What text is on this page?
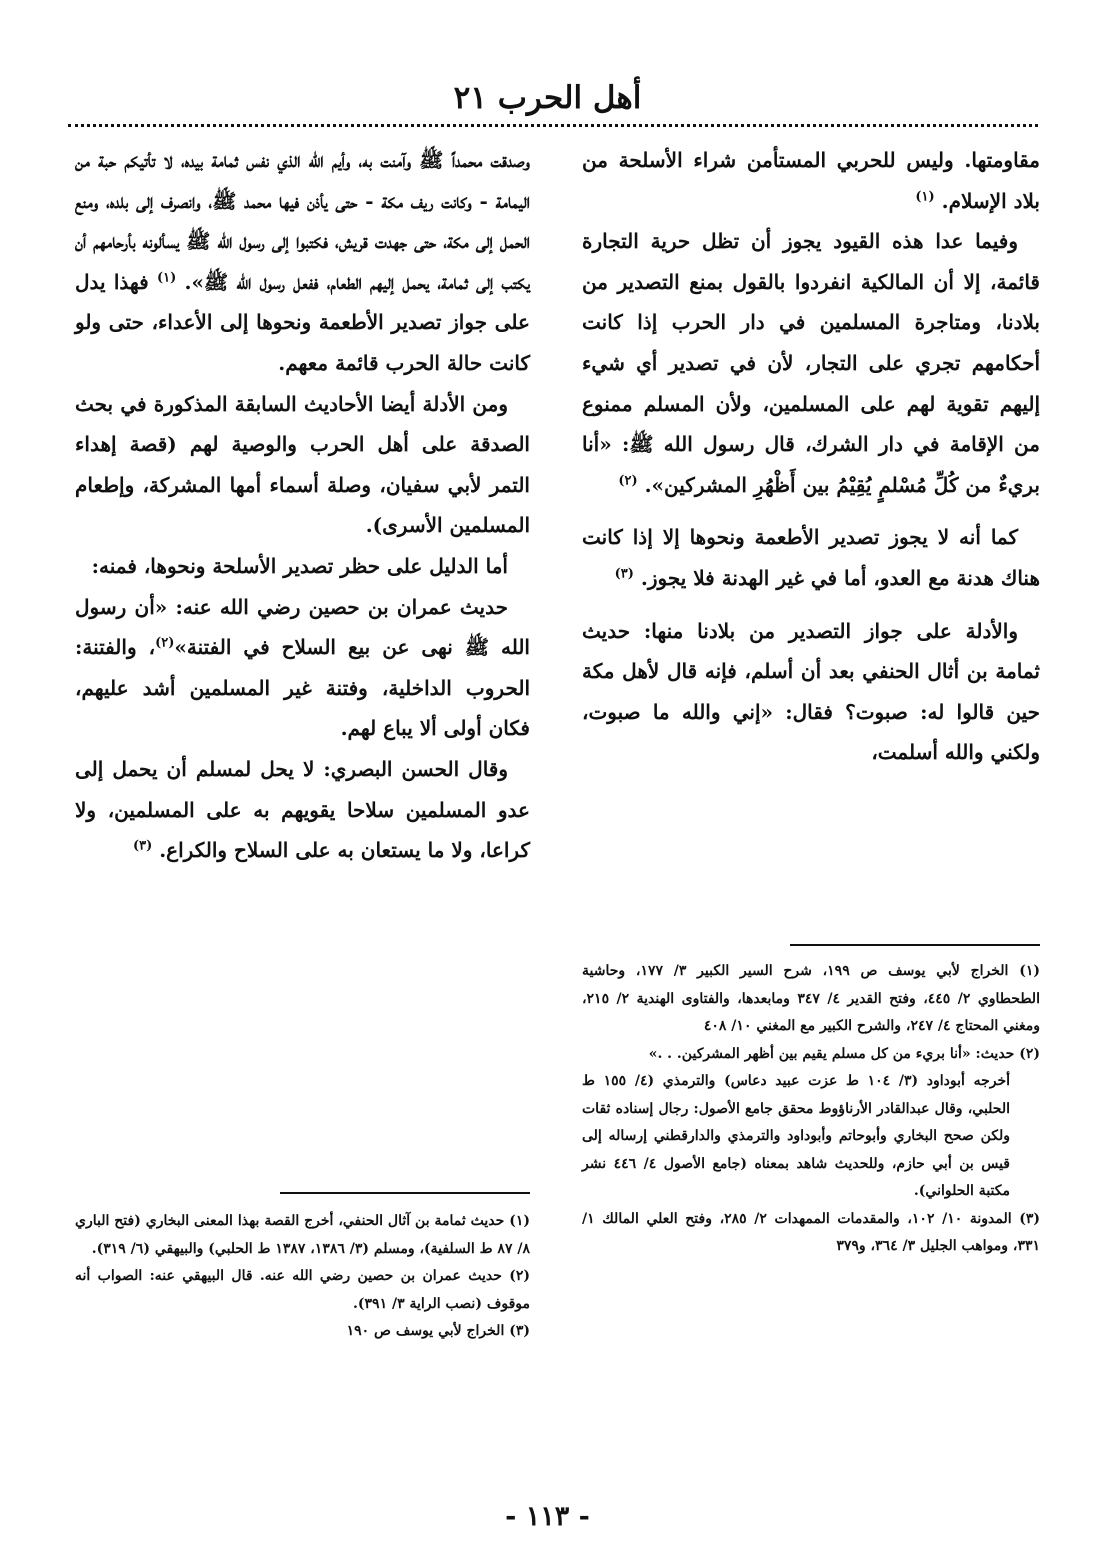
أهل الحرب ٢١

مقاومتها. وليس للحربي المستأمن شراء الأسلحة من بلاد الإسلام. $^{(١)}$

وفيما عدا هذه القيود يجوز أن تظل حرية التجارة قائمة، إلا أن المالكية انفردوا بالقول بمنع التصدير من بلادنا، ومتاجرة المسلمين في دار الحرب إذا كانت أحكامهم تجري على التجار، لأن في تصدير أي شيء إليهم تقوية لهم على المسلمين، ولأن المسلم ممنوع من الإقامة في دار الشرك، قال رسول الله ﷺ: «أنا بريءٌ من كُلِّ مُسْلمٍ يُقِيْمُ بين أَظْهُرِ المشركين». $^{(٢)}$

كما أنه لا يجوز تصدير الأطعمة ونحوها إلا إذا كانت هناك هدنة مع العدو، أما في غير الهدنة فلا يجوز. $^{(٣)}$

والأدلة على جواز التصدير من بلادنا منها: حديث ثمامة بن أثال الحنفي بعد أن أسلم، فإنه قال لأهل مكة حين قالوا له: صبوت؟ فقال: «إني والله ما صبوت، ولكني والله أسلمت،

(١) الخراج لأبي يوسف ص ١٩٩، شرح السير الكبير ٣/ ١٧٧، وحاشية الطحطاوي ٢/ ٤٤٥، وفتح القدير ٤/ ٣٤٧ ومابعدها، والفتاوى الهندية ٢/ ٢١٥، ومغني المحتاج ٤/ ٢٤٧، والشرح الكبير مع المغني ١٠/ ٤٠٨

(٢) حديث: «أنا بريء من كل مسلم يقيم بين أظهر المشركين. . .»

أخرجه أبوداود (٣/ ١٠٤ ط عزت عبيد دعاس) والترمذي (٤/ ١٥٥ ط الحلبي، وقال عبدالقادر الأرناؤوط محقق جامع الأصول: رجال إسناده ثقات ولكن صحح البخاري وأبوحاتم وأبوداود والترمذي والدارقطني إرساله إلى قيس بن أبي حازم، وللحديث شاهد بمعناه (جامع الأصول ٤/ ٤٤٦ نشر مكتبة الحلواني).

(٣) المدونة ١٠/ ١٠٢، والمقدمات الممهدات ٢/ ٢٨٥، وفتح العلي المالك ١/ ٣٣١، ومواهب الجليل ٣/ ٣٦٤، و٣٧٩

وصدقت محمداً ﷺ وآمنت به، وأيم الله الذي نفس ثمامة بيده، لا تأتيكم حبة من اليمامة - وكانت ريف مكة - حتى يأذن فيها محمد ﷺ، وانصرف إلى بلده، ومنع الحمل إلى مكة، حتى جهدت قريش، فكتبوا إلى رسول الله ﷺ يسألونه بأرحامهم أن يكتب إلى ثمامة، يحمل إليهم الطعام، ففعل رسول الله ﷺ». $^{(١)}$ فهذا يدل على جواز تصدير الأطعمة ونحوها إلى الأعداء، حتى ولو كانت حالة الحرب قائمة معهم.

ومن الأدلة أيضا الأحاديث السابقة المذكورة في بحث الصدقة على أهل الحرب والوصية لهم (قصة إهداء التمر لأبي سفيان، وصلة أسماء أمها المشركة، وإطعام المسلمين الأسرى).

أما الدليل على حظر تصدير الأسلحة ونحوها، فمنه:

حديث عمران بن حصين رضي الله عنه: «أن رسول الله ﷺ نهى عن بيع السلاح في الفتنة»$^{(٢)}$، والفتنة: الحروب الداخلية، وفتنة غير المسلمين أشد عليهم، فكان أولى ألا يباع لهم.

وقال الحسن البصري: لا يحل لمسلم أن يحمل إلى عدو المسلمين سلاحا يقويهم به على المسلمين، ولا كراعا، ولا ما يستعان به على السلاح والكراع. $^{(٣)}$

(١) حديث ثمامة بن آثال الحنفي، أخرج القصة بهذا المعنى البخاري (فتح الباري ٨/ ٨٧ ط السلفية)، ومسلم (٣/ ١٣٨٦، ١٣٨٧ ط الحلبي) والبيهقي (٦/ ٣١٩).

(٢) حديث عمران بن حصين رضي الله عنه. قال البيهقي عنه: الصواب أنه موقوف (نصب الراية ٣/ ٣٩١).

(٣) الخراج لأبي يوسف ص ١٩٠

- ١١٣ -
